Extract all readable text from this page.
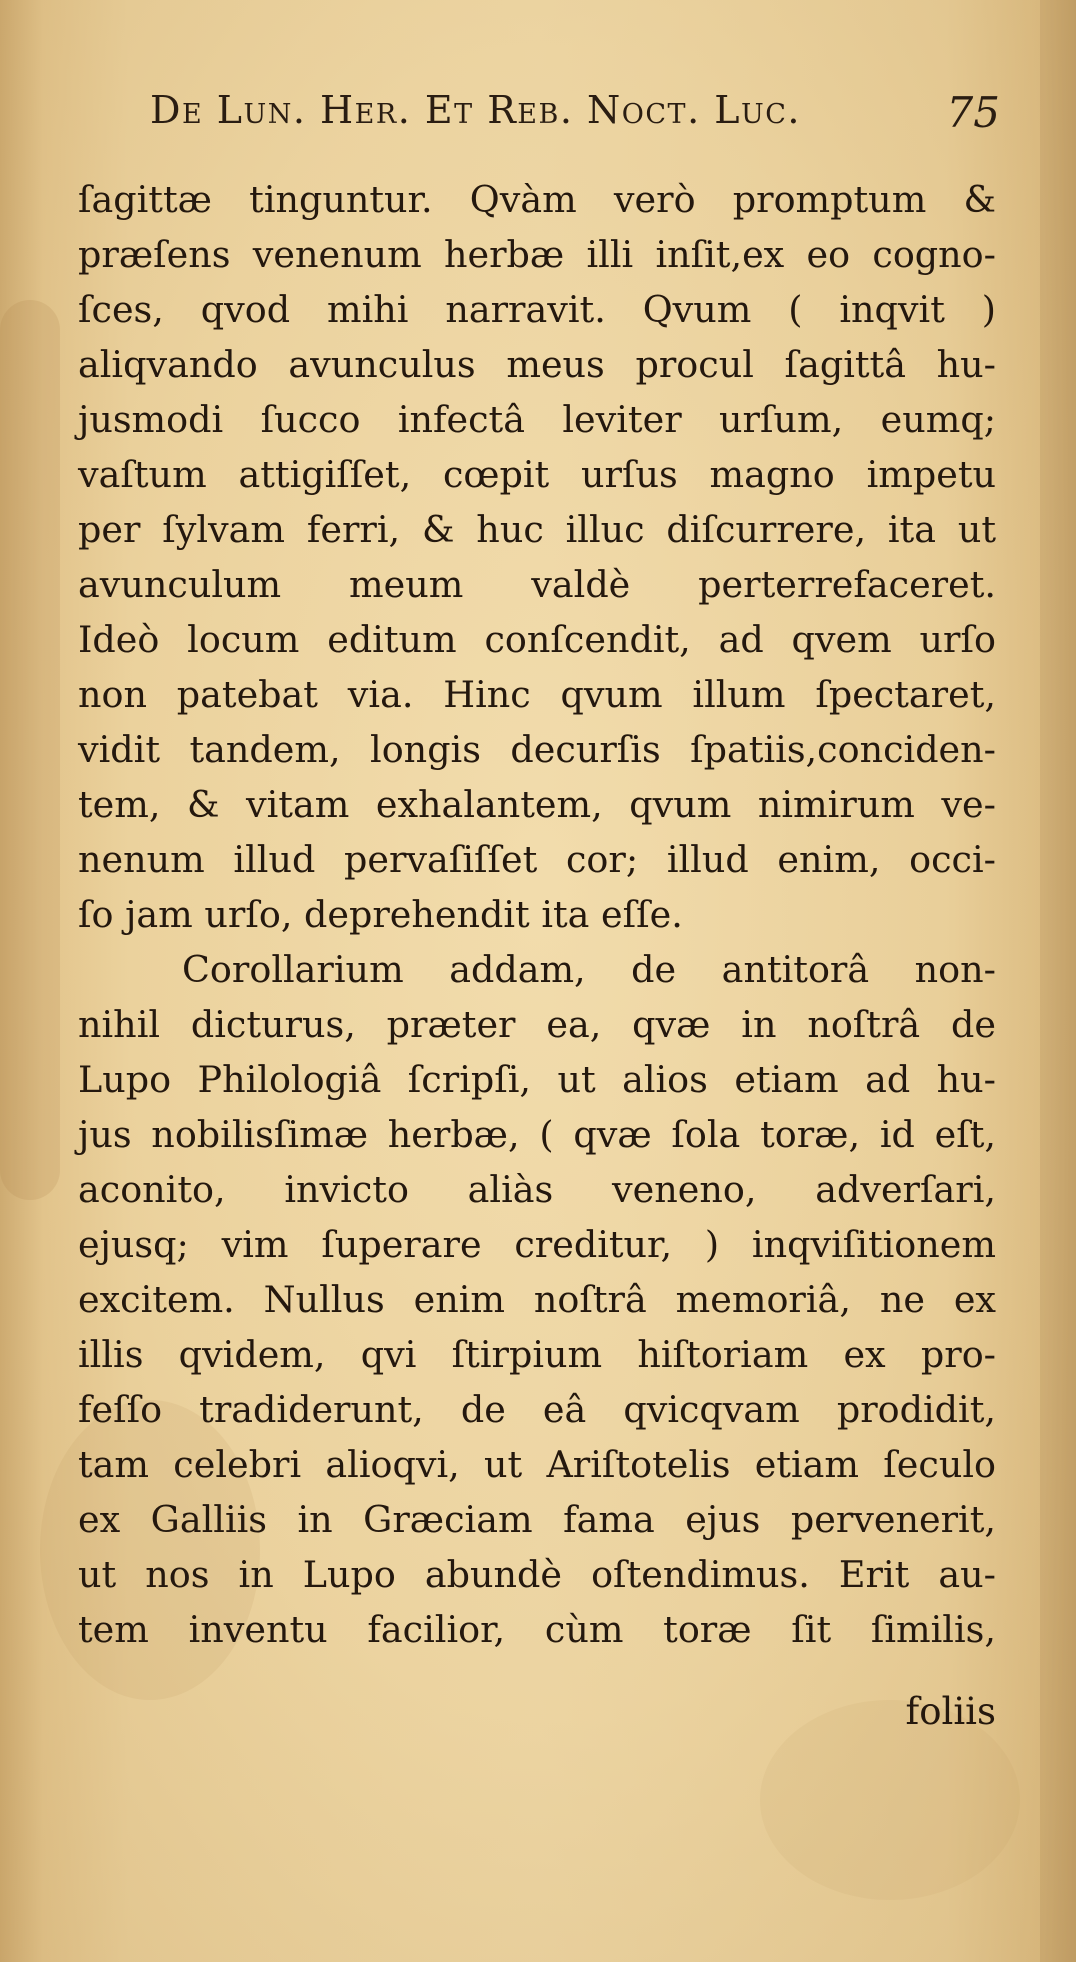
De Lun. Her. Et Reb. Noct. Luc.	75
ſagittæ tinguntur. Qvàm verò promptum &
præſens venenum herbæ illi inſit,ex eo cogno-
ſces, qvod mihi narravit. Qvum ( inqvit )
aliqvando avunculus meus procul ſagittâ hu-
jusmodi ſucco infectâ leviter urſum, eumq;
vaſtum attigiſſet, cœpit urſus magno impetu
per ſylvam ferri, & huc illuc diſcurrere, ita ut
avunculum meum valdè perterrefaceret.
Ideò locum editum conſcendit, ad qvem urſo
non patebat via. Hinc qvum illum ſpectaret,
vidit tandem, longis decurſis ſpatiis,conciden-
tem, & vitam exhalantem, qvum nimirum ve-
nenum illud pervaſiſſet cor; illud enim, occi-
ſo jam urſo, deprehendit ita eſſe.
Corollarium addam, de antitorâ non-
nihil dicturus, præter ea, qvæ in noſtrâ de
Lupo Philologiâ ſcripſi, ut alios etiam ad hu-
jus nobilisſimæ herbæ, ( qvæ ſola toræ, id eſt,
aconito, invicto aliàs veneno, adverſari,
ejusq; vim ſuperare creditur, ) inqviſitionem
excitem. Nullus enim noſtrâ memoriâ, ne ex
illis qvidem, qvi ſtirpium hiſtoriam ex pro-
feſſo tradiderunt, de eâ qvicqvam prodidit,
tam celebri alioqvi, ut Ariſtotelis etiam ſeculo
ex Galliis in Græciam fama ejus pervenerit,
ut nos in Lupo abundè oſtendimus. Erit au-
tem inventu facilior, cùm toræ ſit ſimilis,
foliis
